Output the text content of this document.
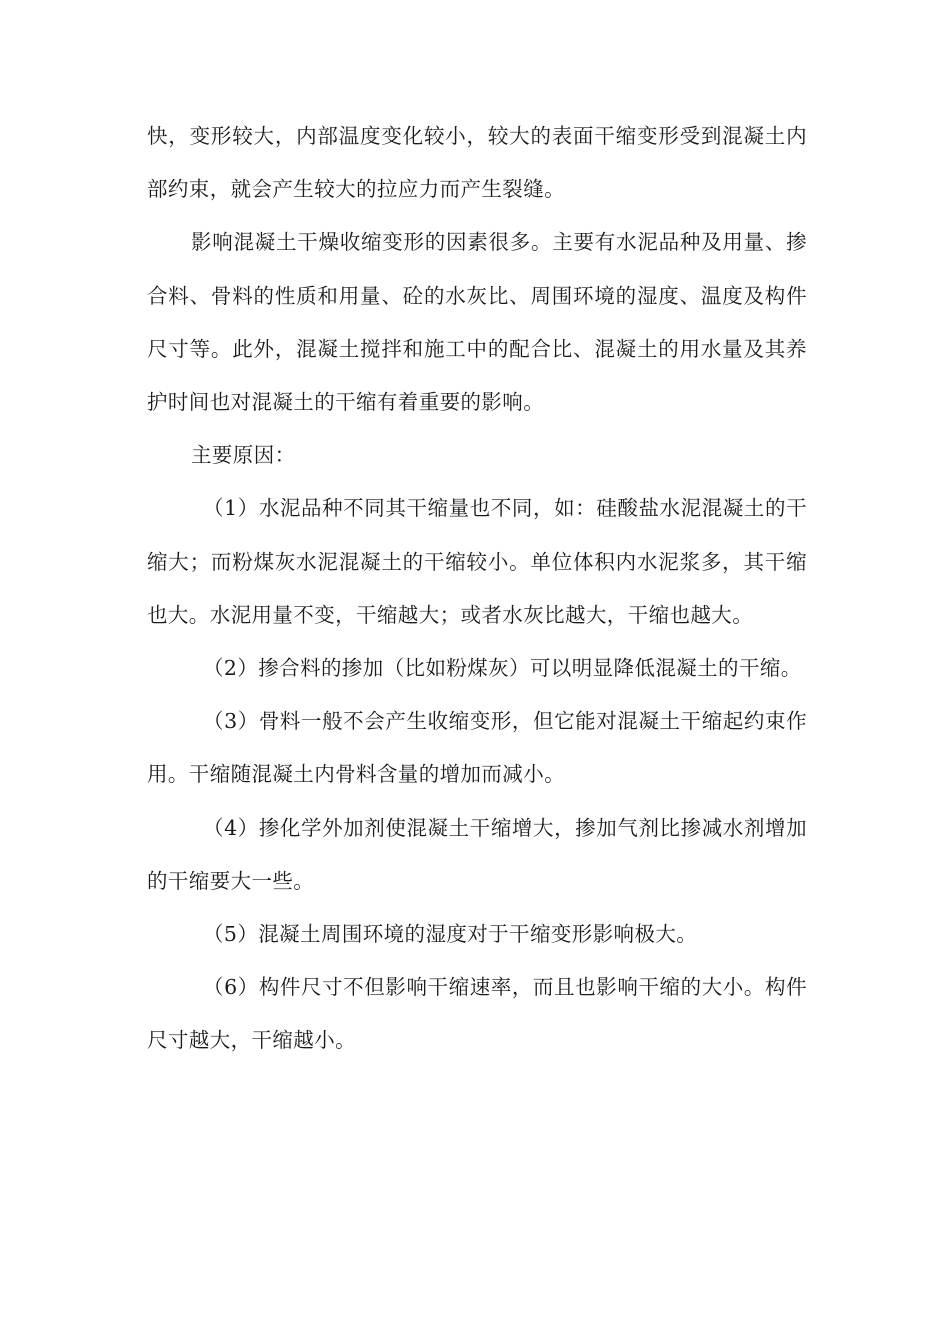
快，变形较大，内部温度变化较小，较大的表面干缩变形受到混凝土内部约束，就会产生较大的拉应力而产生裂缝。

影响混凝土干燥收缩变形的因素很多。主要有水泥品种及用量、掺合料、骨料的性质和用量、砼的水灰比、周围环境的湿度、温度及构件尺寸等。此外，混凝土搅拌和施工中的配合比、混凝土的用水量及其养护时间也对混凝土的干缩有着重要的影响。

主要原因：

（1）水泥品种不同其干缩量也不同，如：硅酸盐水泥混凝土的干缩大；而粉煤灰水泥混凝土的干缩较小。单位体积内水泥浆多，其干缩也大。水泥用量不变，干缩越大；或者水灰比越大，干缩也越大。

（2）掺合料的掺加（比如粉煤灰）可以明显降低混凝土的干缩。

（3）骨料一般不会产生收缩变形，但它能对混凝土干缩起约束作用。干缩随混凝土内骨料含量的增加而减小。

（4）掺化学外加剂使混凝土干缩增大，掺加气剂比掺减水剂增加的干缩要大一些。

（5）混凝土周围环境的湿度对于干缩变形影响极大。

（6）构件尺寸不但影响干缩速率，而且也影响干缩的大小。构件尺寸越大，干缩越小。
